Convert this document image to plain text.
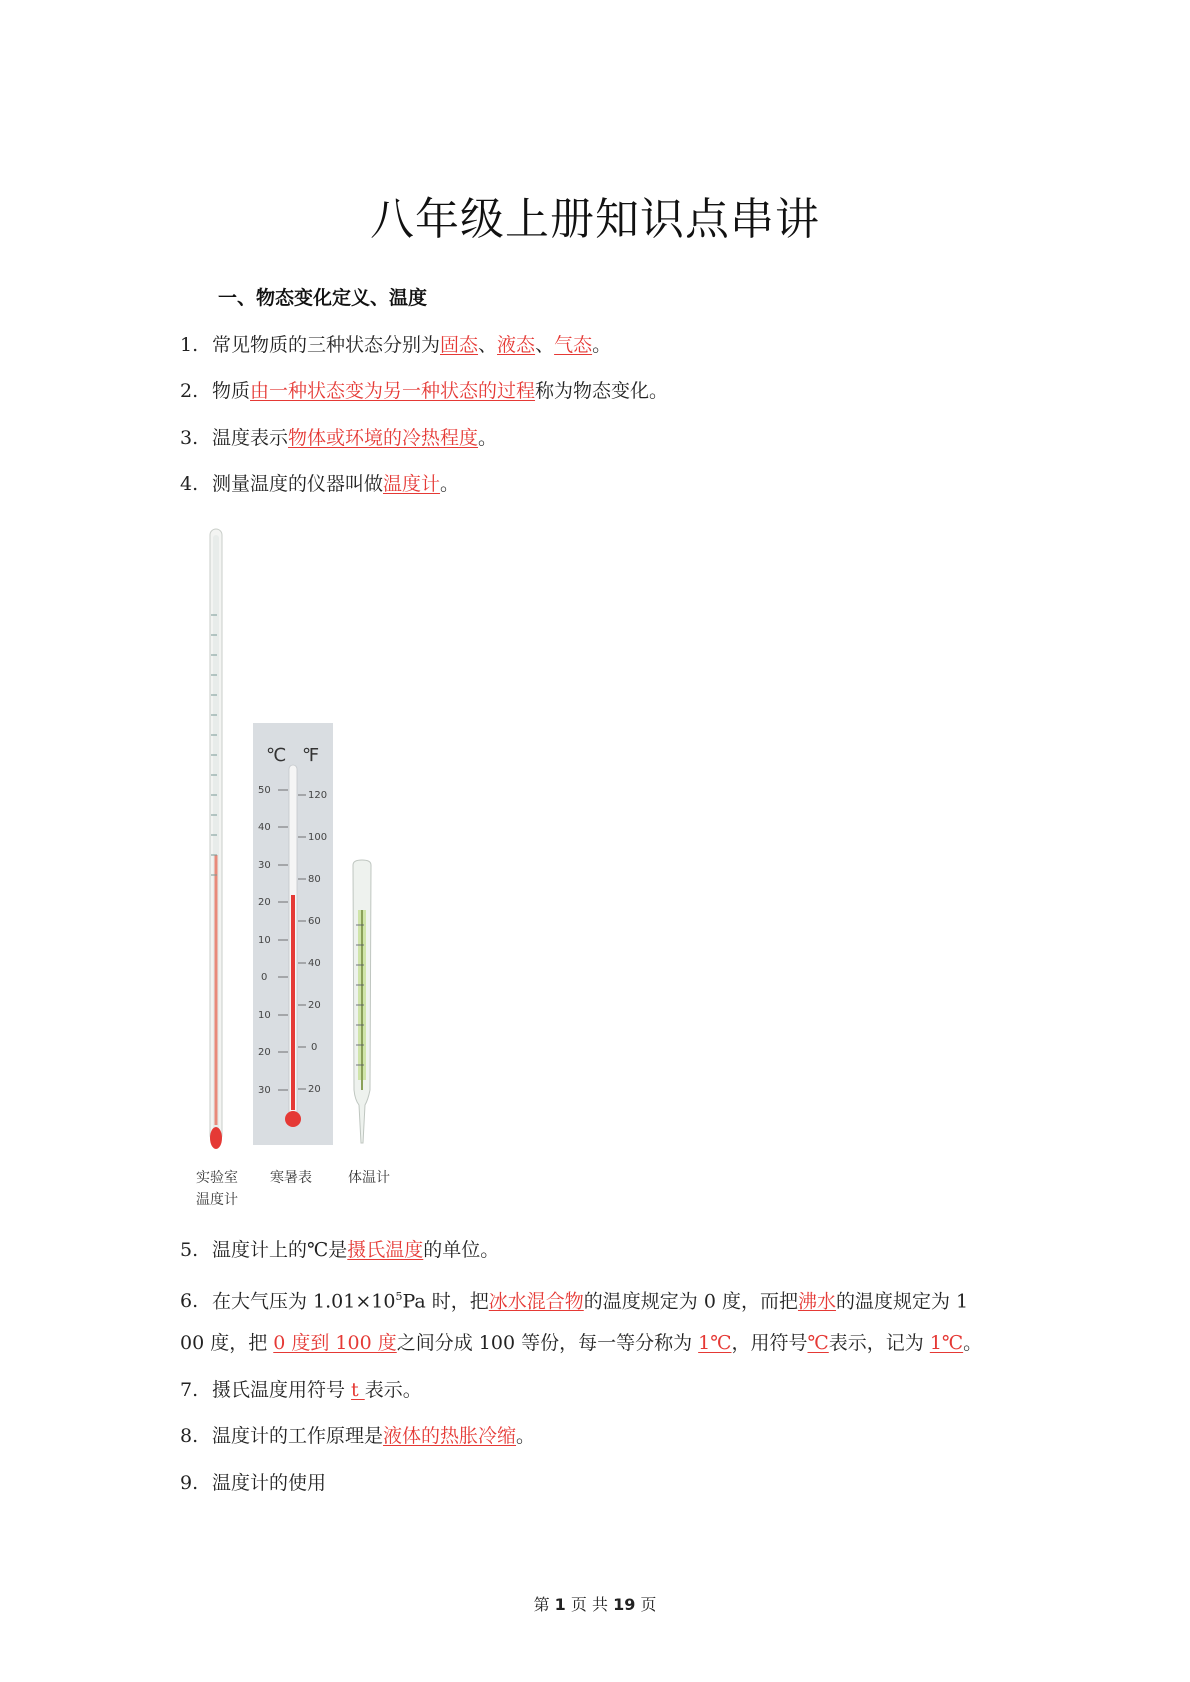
八年级上册知识点串讲
一、物态变化定义、温度
1. 常见物质的三种状态分别为固态、液态、气态。
2. 物质由一种状态变为另一种状态的过程称为物态变化。
3. 温度表示物体或环境的冷热程度。
4. 测量温度的仪器叫做温度计。
℃ ℉
50
40
30
20
10
0
10
20
30
120
100
80
60
40
20
0
20
实验室
温度计
寒暑表	体温计
5. 温度计上的℃是摄氏温度的单位。
6. 在大气压为 $1.01\times 10^5Pa$ 时，把冰水混合物的温度规定为 0 度，而把沸水的温度规定为 1
00 度，把 0 度到 100 度之间分成 100 等份，每一等分称为 1℃，用符号℃表示，记为 1℃。
7. 摄氏温度用符号 t 表示。
8. 温度计的工作原理是液体的热胀冷缩。
9. 温度计的使用
第 1 页 共 19 页
